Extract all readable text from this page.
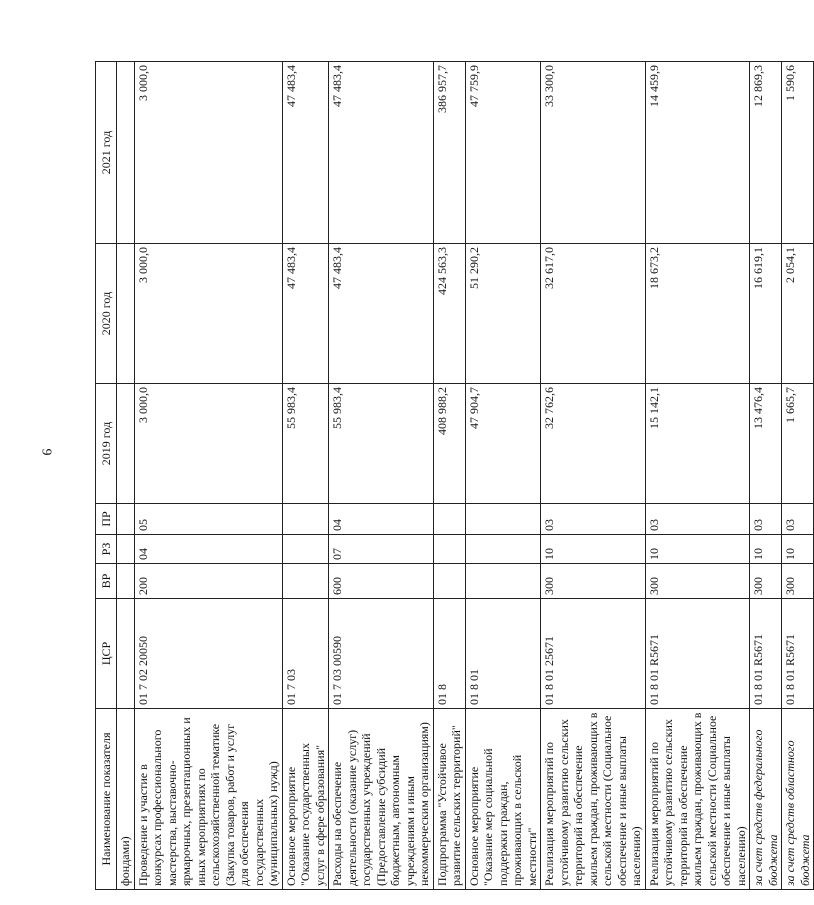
9
Наименование показателя	ЦСР	ВР	РЗ	ПР	2019 год	2020 год	2021 год
фондами)							
Проведение и участие в конкурсах профессионального мастерства, выставочно-ярмарочных, презентационных и иных мероприятиях по сельскохозяйственной тематике (Закупка товаров, работ и услуг для обеспечения государственных (муниципальных) нужд)	01 7 02 20050	200	04	05	3 000,0	3 000,0	3 000,0
Основное мероприятие "Оказание государственных услуг в сфере образования"	01 7 03				55 983,4	47 483,4	47 483,4
Расходы на обеспечение деятельности (оказание услуг) государственных учреждений (Предоставление субсидий бюджетным, автономным учреждениям и иным некоммерческим организациям)	01 7 03 00590	600	07	04	55 983,4	47 483,4	47 483,4
Подпрограмма "Устойчивое развитие сельских территорий"	01 8				408 988,2	424 563,3	386 957,7
Основное мероприятие "Оказание мер социальной поддержки граждан, проживающих в сельской местности"	01 8 01				47 904,7	51 290,2	47 759,9
Реализация мероприятий по устойчивому развитию сельских территорий на обеспечение жильем граждан, проживающих в сельской местности (Социальное обеспечение и иные выплаты населению)	01 8 01 25671	300	10	03	32 762,6	32 617,0	33 300,0
Реализация мероприятий по устойчивому развитию сельских территорий на обеспечение жильем граждан, проживающих в сельской местности (Социальное обеспечение и иные выплаты населению)	01 8 01 R5671	300	10	03	15 142,1	18 673,2	14 459,9
за счет средств федерального бюджета	01 8 01 R5671	300	10	03	13 476,4	16 619,1	12 869,3
за счет средств областного бюджета	01 8 01 R5671	300	10	03	1 665,7	2 054,1	1 590,6
